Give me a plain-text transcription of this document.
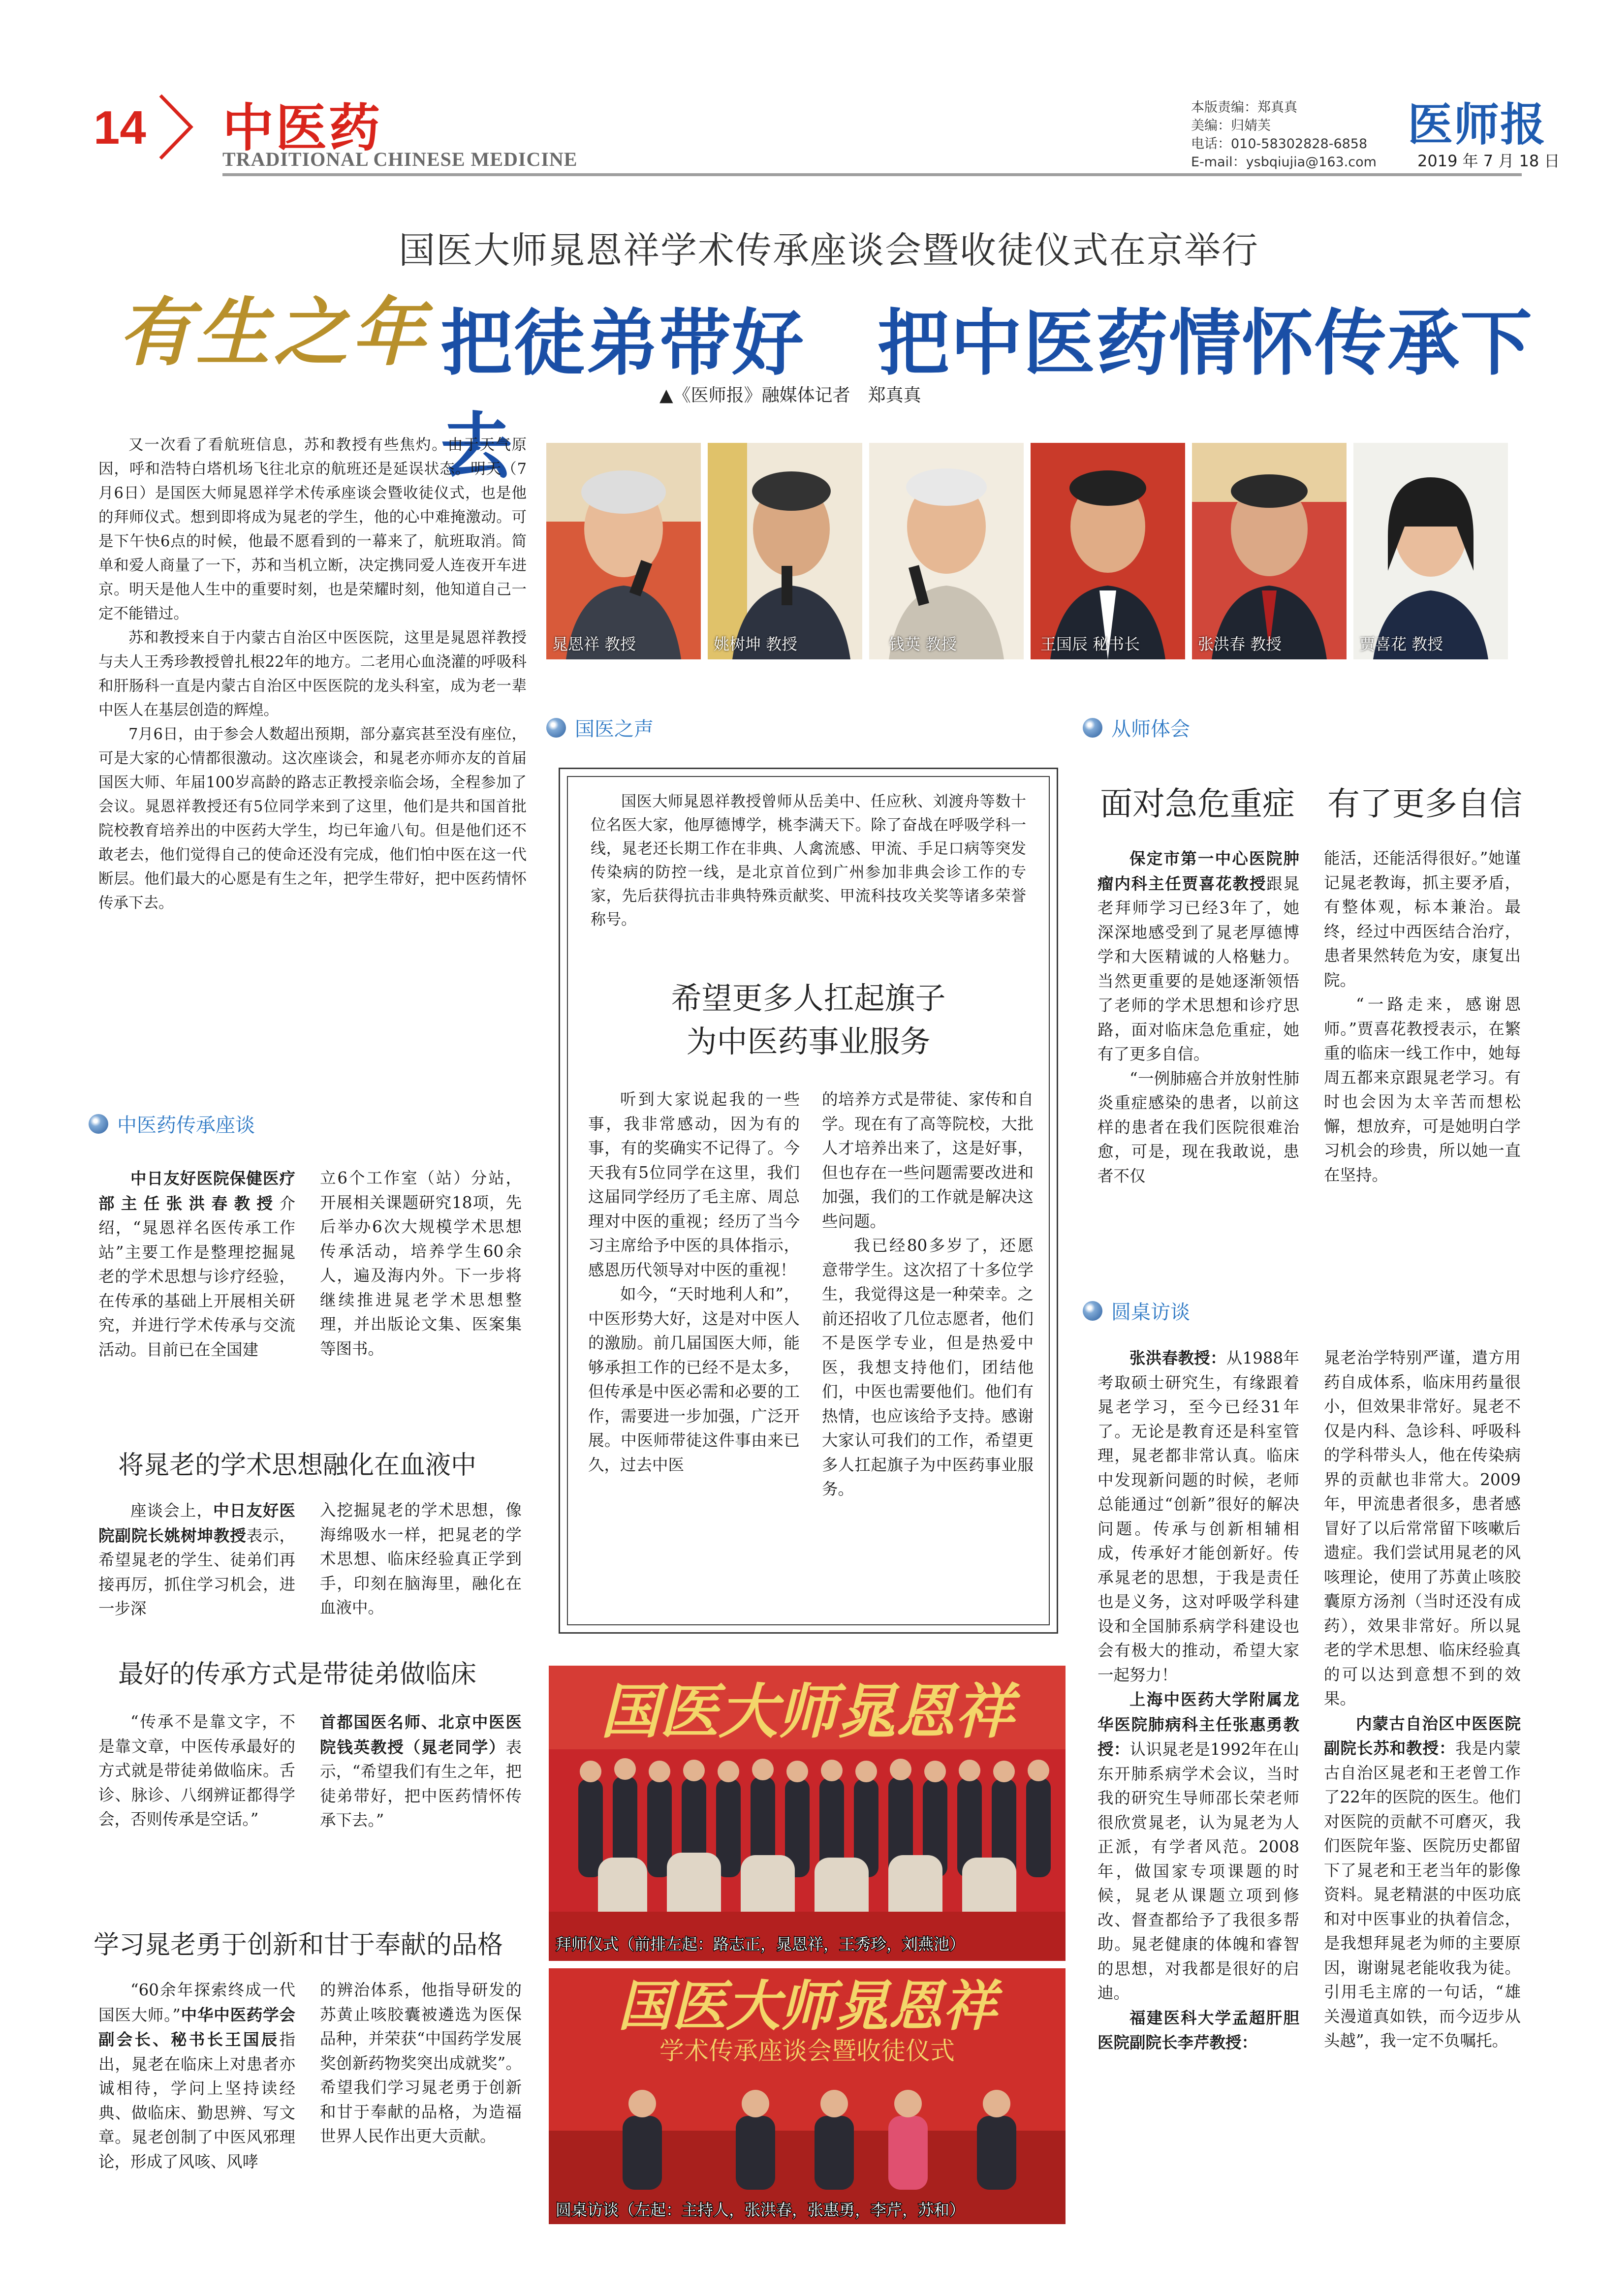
14 中医药
TRADITIONAL CHINESE MEDICINE
本版责编：郑真真
美编：归婧芙
电话：010-58302828-6858
E-mail：ysbqiujia@163.com
医师报
2019 年 7 月 18 日
国医大师晁恩祥学术传承座谈会暨收徒仪式在京举行
有生之年 把徒弟带好　把中医药情怀传承下去
▲《医师报》融媒体记者　郑真真

又一次看了看航班信息，苏和教授有些焦灼。由于天气原因，呼和浩特白塔机场飞往北京的航班还是延误状态。明天（7月6日）是国医大师晁恩祥学术传承座谈会暨收徒仪式，也是他的拜师仪式。想到即将成为晁老的学生，他的心中难掩激动。可是下午快6点的时候，他最不愿看到的一幕来了，航班取消。简单和爱人商量了一下，苏和当机立断，决定携同爱人连夜开车进京。明天是他人生中的重要时刻，也是荣耀时刻，他知道自己一定不能错过。

苏和教授来自于内蒙古自治区中医医院，这里是晁恩祥教授与夫人王秀珍教授曾扎根22年的地方。二老用心血浇灌的呼吸科和肝肠科一直是内蒙古自治区中医医院的龙头科室，成为老一辈中医人在基层创造的辉煌。

7月6日，由于参会人数超出预期，部分嘉宾甚至没有座位，可是大家的心情都很激动。这次座谈会，和晁老亦师亦友的首届国医大师、年届100岁高龄的路志正教授亲临会场，全程参加了会议。晁恩祥教授还有5位同学来到了这里，他们是共和国首批院校教育培养出的中医药大学生，均已年逾八旬。但是他们还不敢老去，他们觉得自己的使命还没有完成，他们怕中医在这一代断层。他们最大的心愿是有生之年，把学生带好，把中医药情怀传承下去。

中医药传承座谈

中日友好医院保健医疗部主任张洪春教授介绍，“晁恩祥名医传承工作站”主要工作是整理挖掘晁老的学术思想与诊疗经验，在传承的基础上开展相关研究，并进行学术传承与交流活动。目前已在全国建

立6个工作室（站）分站，开展相关课题研究18项，先后举办6次大规模学术思想传承活动，培养学生60余人，遍及海内外。下一步将继续推进晁老学术思想整理，并出版论文集、医案集等图书。

将晁老的学术思想融化在血液中

座谈会上，中日友好医院副院长姚树坤教授表示，希望晁老的学生、徒弟们再接再厉，抓住学习机会，进一步深

入挖掘晁老的学术思想，像海绵吸水一样，把晁老的学术思想、临床经验真正学到手，印刻在脑海里，融化在血液中。

最好的传承方式是带徒弟做临床

“传承不是靠文字，不是靠文章，中医传承最好的方式就是带徒弟做临床。舌诊、脉诊、八纲辨证都得学会，否则传承是空话。”

首都国医名师、北京中医医院钱英教授（晁老同学）表示，“希望我们有生之年，把徒弟带好，把中医药情怀传承下去。”

学习晁老勇于创新和甘于奉献的品格

“60余年探索终成一代国医大师。”中华中医药学会副会长、秘书长王国辰指出，晁老在临床上对患者亦诚相待，学问上坚持读经典、做临床、勤思辨、写文章。晁老创制了中医风邪理论，形成了风咳、风哮

的辨治体系，他指导研发的苏黄止咳胶囊被遴选为医保品种，并荣获“中国药学发展奖创新药物奖突出成就奖”。希望我们学习晁老勇于创新和甘于奉献的品格，为造福世界人民作出更大贡献。

晁恩祥 教授	姚树坤 教授	钱英 教授	王国辰 秘书长	张洪春 教授	贾喜花 教授
国医之声

国医大师晁恩祥教授曾师从岳美中、任应秋、刘渡舟等数十位名医大家，他厚德博学，桃李满天下。除了奋战在呼吸学科一线，晁老还长期工作在非典、人禽流感、甲流、手足口病等突发传染病的防控一线，是北京首位到广州参加非典会诊工作的专家，先后获得抗击非典特殊贡献奖、甲流科技攻关奖等诸多荣誉称号。

希望更多人扛起旗子
为中医药事业服务

听到大家说起我的一些事，我非常感动，因为有的事，有的奖确实不记得了。今天我有5位同学在这里，我们这届同学经历了毛主席、周总理对中医的重视；经历了当今习主席给予中医的具体指示，感恩历代领导对中医的重视！

如今，“天时地利人和”，中医形势大好，这是对中医人的激励。前几届国医大师，能够承担工作的已经不是太多，但传承是中医必需和必要的工作，需要进一步加强，广泛开展。中医师带徒这件事由来已久，过去中医

的培养方式是带徒、家传和自学。现在有了高等院校，大批人才培养出来了，这是好事，但也存在一些问题需要改进和加强，我们的工作就是解决这些问题。

我已经80多岁了，还愿意带学生。这次招了十多位学生，我觉得这是一种荣幸。之前还招收了几位志愿者，他们不是医学专业，但是热爱中医，我想支持他们，团结他们，中医也需要他们。他们有热情，也应该给予支持。感谢大家认可我们的工作，希望更多人扛起旗子为中医药事业服务。

国医大师晁恩祥
拜师仪式（前排左起：路志正，晁恩祥，王秀珍，刘燕池）
国医大师晁恩祥
学术传承座谈会暨收徒仪式
圆桌访谈（左起：主持人，张洪春，张惠勇，李芹，苏和）
从师体会
面对急危重症　有了更多自信

保定市第一中心医院肿瘤内科主任贾喜花教授跟晁老拜师学习已经3年了，她深深地感受到了晁老厚德博学和大医精诚的人格魅力。当然更重要的是她逐渐领悟了老师的学术思想和诊疗思路，面对临床急危重症，她有了更多自信。

“一例肺癌合并放射性肺炎重症感染的患者，以前这样的患者在我们医院很难治愈，可是，现在我敢说，患者不仅

能活，还能活得很好。”她谨记晁老教诲，抓主要矛盾，有整体观，标本兼治。最终，经过中西医结合治疗，患者果然转危为安，康复出院。

“一路走来，感谢恩师。”贾喜花教授表示，在繁重的临床一线工作中，她每周五都来京跟晁老学习。有时也会因为太辛苦而想松懈，想放弃，可是她明白学习机会的珍贵，所以她一直在坚持。

圆桌访谈

张洪春教授：从1988年考取硕士研究生，有缘跟着晁老学习，至今已经31年了。无论是教育还是科室管理，晁老都非常认真。临床中发现新问题的时候，老师总能通过“创新”很好的解决问题。传承与创新相辅相成，传承好才能创新好。传承晁老的思想，于我是责任也是义务，这对呼吸学科建设和全国肺系病学科建设也会有极大的推动，希望大家一起努力！

上海中医药大学附属龙华医院肺病科主任张惠勇教授：认识晁老是1992年在山东开肺系病学术会议，当时我的研究生导师邵长荣老师很欣赏晁老，认为晁老为人正派，有学者风范。2008年，做国家专项课题的时候，晁老从课题立项到修改、督查都给予了我很多帮助。晁老健康的体魄和睿智的思想，对我都是很好的启迪。

福建医科大学孟超肝胆医院副院长李芹教授：

晁老治学特别严谨，遣方用药自成体系，临床用药量很小，但效果非常好。晁老不仅是内科、急诊科、呼吸科的学科带头人，他在传染病界的贡献也非常大。2009年，甲流患者很多，患者感冒好了以后常常留下咳嗽后遗症。我们尝试用晁老的风咳理论，使用了苏黄止咳胶囊原方汤剂（当时还没有成药），效果非常好。所以晁老的学术思想、临床经验真的可以达到意想不到的效果。

内蒙古自治区中医医院副院长苏和教授：我是内蒙古自治区晁老和王老曾工作了22年的医院的医生。他们对医院的贡献不可磨灭，我们医院年鉴、医院历史都留下了晁老和王老当年的影像资料。晁老精湛的中医功底和对中医事业的执着信念，是我想拜晁老为师的主要原因，谢谢晁老能收我为徒。引用毛主席的一句话，“雄关漫道真如铁，而今迈步从头越”，我一定不负嘱托。
